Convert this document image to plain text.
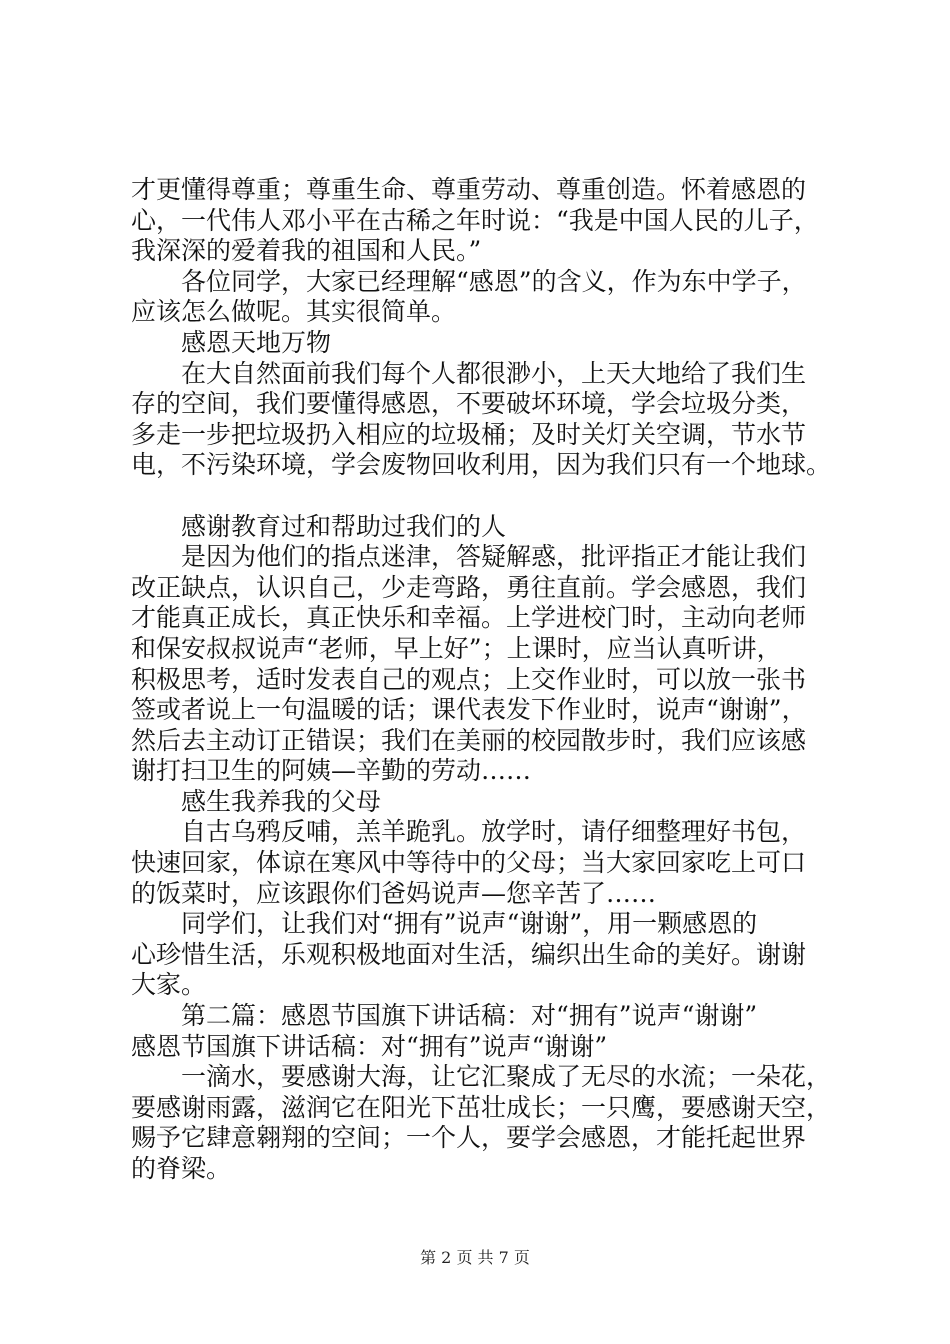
才更懂得尊重；尊重生命、尊重劳动、尊重创造。怀着感恩的
心，一代伟人邓小平在古稀之年时说：“我是中国人民的儿子，
我深深的爱着我的祖国和人民。”
各位同学，大家已经理解“感恩”的含义，作为东中学子，
应该怎么做呢。其实很简单。
感恩天地万物
在大自然面前我们每个人都很渺小，上天大地给了我们生
存的空间，我们要懂得感恩，不要破坏环境，学会垃圾分类，
多走一步把垃圾扔入相应的垃圾桶；及时关灯关空调，节水节
电，不污染环境，学会废物回收利用，因为我们只有一个地球。
感谢教育过和帮助过我们的人
是因为他们的指点迷津，答疑解惑，批评指正才能让我们
改正缺点，认识自己，少走弯路，勇往直前。学会感恩，我们
才能真正成长，真正快乐和幸福。上学进校门时，主动向老师
和保安叔叔说声“老师，早上好”；上课时，应当认真听讲，
积极思考，适时发表自己的观点；上交作业时，可以放一张书
签或者说上一句温暖的话；课代表发下作业时，说声“谢谢”，
然后去主动订正错误；我们在美丽的校园散步时，我们应该感
谢打扫卫生的阿姨—辛勤的劳动……
感生我养我的父母
自古乌鸦反哺，羔羊跪乳。放学时，请仔细整理好书包，
快速回家，体谅在寒风中等待中的父母；当大家回家吃上可口
的饭菜时，应该跟你们爸妈说声—您辛苦了……
同学们，让我们对“拥有”说声“谢谢”，用一颗感恩的
心珍惜生活，乐观积极地面对生活，编织出生命的美好。谢谢
大家。
第二篇：感恩节国旗下讲话稿：对“拥有”说声“谢谢”
感恩节国旗下讲话稿：对“拥有”说声“谢谢”
一滴水，要感谢大海，让它汇聚成了无尽的水流；一朵花，
要感谢雨露，滋润它在阳光下茁壮成长；一只鹰，要感谢天空，
赐予它肆意翱翔的空间；一个人，要学会感恩，才能托起世界
的脊梁。
第 2 页 共 7 页
